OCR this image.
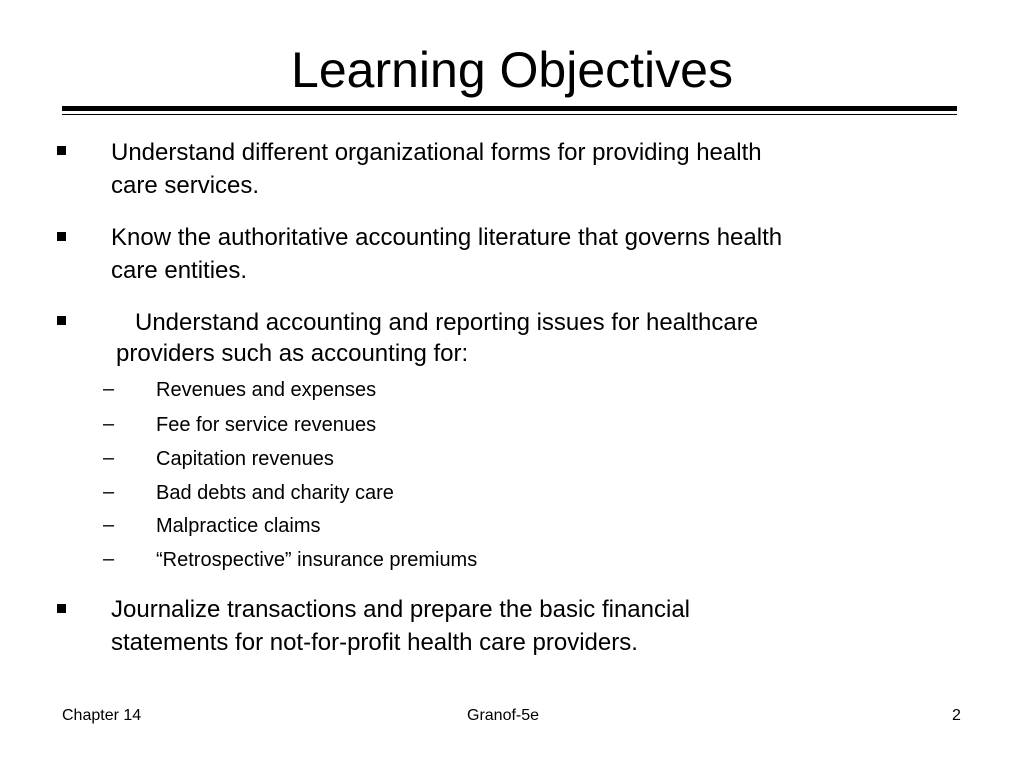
Learning Objectives
Understand different organizational forms for providing health
care services.
Know the authoritative accounting literature that governs health
care entities.
Understand accounting and reporting issues for healthcare
providers such as accounting for:
– Revenues and expenses
– Fee for service revenues
– Capitation revenues
– Bad debts and charity care
– Malpractice claims
– “Retrospective” insurance premiums
Journalize transactions and prepare the basic financial
statements for not-for-profit health care providers.
Chapter 14	Granof-5e	2
